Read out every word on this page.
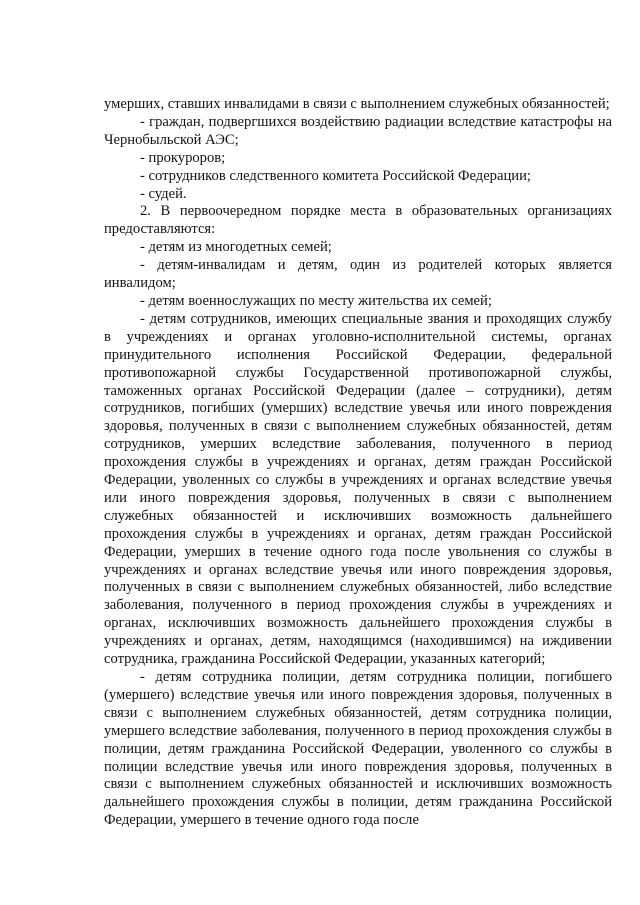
умерших, ставших инвалидами в связи с выполнением служебных обязанностей;

- граждан, подвергшихся воздействию радиации вследствие катастрофы на Чернобыльской АЭС;

- прокуроров;

- сотрудников следственного комитета Российской Федерации;

- судей.

2. В первоочередном порядке места в образовательных организациях предоставляются:

- детям из многодетных семей;

- детям-инвалидам и детям, один из родителей которых является инвалидом;

- детям военнослужащих по месту жительства их семей;

- детям сотрудников, имеющих специальные звания и проходящих службу в учреждениях и органах уголовно-исполнительной системы, органах принудительного исполнения Российской Федерации, федеральной противопожарной службы Государственной противопожарной службы, таможенных органах Российской Федерации (далее – сотрудники), детям сотрудников, погибших (умерших) вследствие увечья или иного повреждения здоровья, полученных в связи с выполнением служебных обязанностей, детям сотрудников, умерших вследствие заболевания, полученного в период прохождения службы в учреждениях и органах, детям граждан Российской Федерации, уволенных со службы в учреждениях и органах вследствие увечья или иного повреждения здоровья, полученных в связи с выполнением служебных обязанностей и исключивших возможность дальнейшего прохождения службы в учреждениях и органах, детям граждан Российской Федерации, умерших в течение одного года после увольнения со службы в учреждениях и органах вследствие увечья или иного повреждения здоровья, полученных в связи с выполнением служебных обязанностей, либо вследствие заболевания, полученного в период прохождения службы в учреждениях и органах, исключивших возможность дальнейшего прохождения службы в учреждениях и органах, детям, находящимся (находившимся) на иждивении сотрудника, гражданина Российской Федерации, указанных категорий;

- детям сотрудника полиции, детям сотрудника полиции, погибшего (умершего) вследствие увечья или иного повреждения здоровья, полученных в связи с выполнением служебных обязанностей, детям сотрудника полиции, умершего вследствие заболевания, полученного в период прохождения службы в полиции, детям гражданина Российской Федерации, уволенного со службы в полиции вследствие увечья или иного повреждения здоровья, полученных в связи с выполнением служебных обязанностей и исключивших возможность дальнейшего прохождения службы в полиции, детям гражданина Российской Федерации, умершего в течение одного года после
